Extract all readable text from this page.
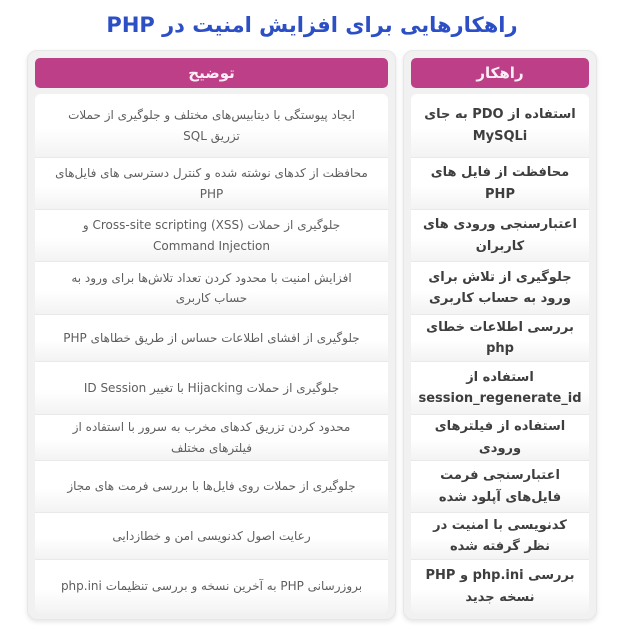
راهکارهایی برای افزایش امنیت در PHP
راهکار
استفاده از PDO به جای MySQLi
محافظت از فایل های PHP
اعتبارسنجی ورودی های کاربران
جلوگیری از تلاش برای ورود به حساب کاربری
بررسی اطلاعات خطای php
استفاده از session_regenerate_id
استفاده از فیلترهای ورودی
اعتبارسنجی فرمت فایل‌های آپلود شده
کدنویسی با امنیت در نظر گرفته شده
بررسی php.ini و PHP نسخه جدید
توضیح
ایجاد پیوستگی با دیتابیس‌های مختلف و جلوگیری از حملات تزریق SQL
محافظت از کدهای نوشته شده و کنترل دسترسی های فایل‌های PHP
جلوگیری از حملات Cross-site scripting (XSS) و Command Injection
افزایش امنیت با محدود کردن تعداد تلاش‌ها برای ورود به حساب کاربری
جلوگیری از افشای اطلاعات حساس از طریق خطاهای PHP
جلوگیری از حملات Hijacking با تغییر ID Session
محدود کردن تزریق کدهای مخرب به سرور با استفاده از فیلترهای مختلف
جلوگیری از حملات روی فایل‌ها با بررسی فرمت های مجاز
رعایت اصول کدنویسی امن و خطازدایی
بروزرسانی PHP به آخرین نسخه و بررسی تنظیمات php.ini
